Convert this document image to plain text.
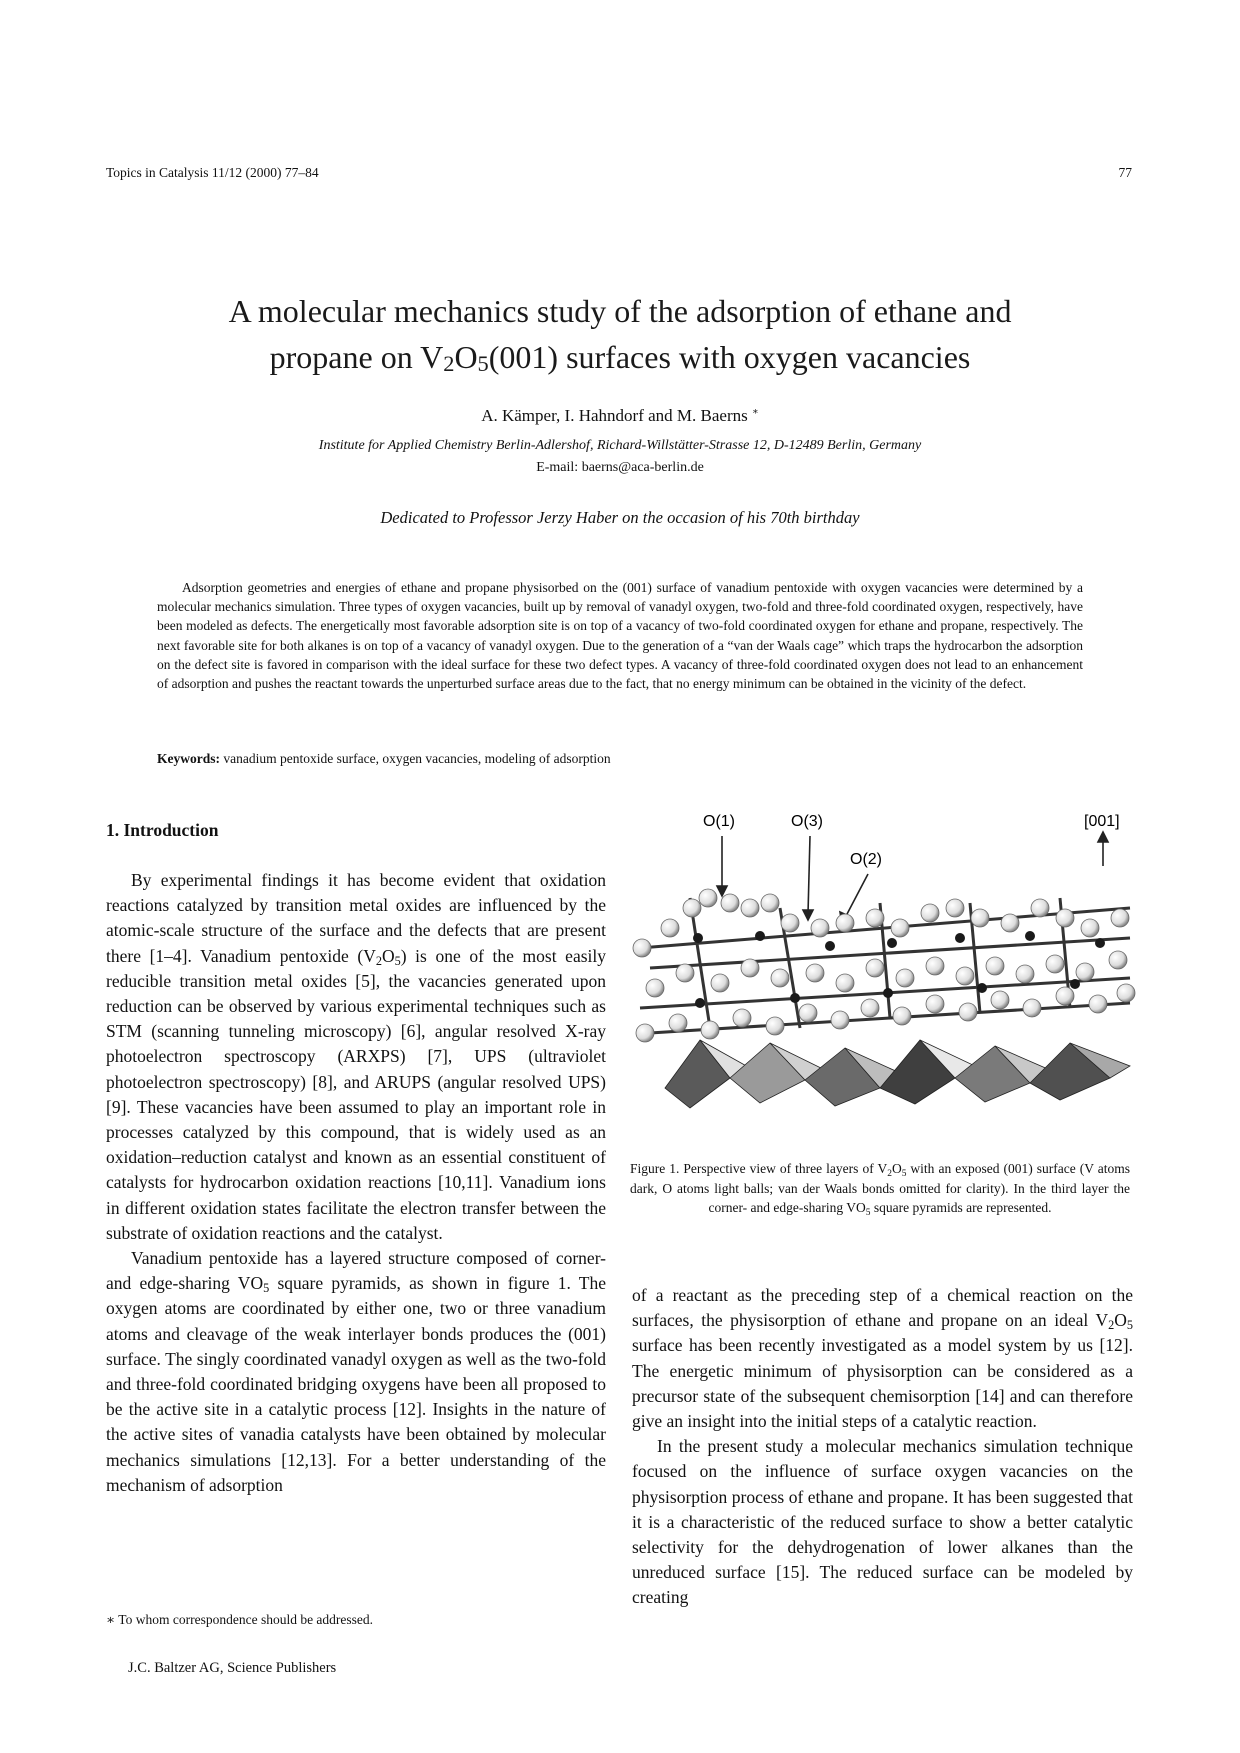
Topics in Catalysis 11/12 (2000) 77–84	77
A molecular mechanics study of the adsorption of ethane and
propane on $V_2O_5(001)$ surfaces with oxygen vacancies
A. Kämper, I. Hahndorf and M. Baerns ∗
Institute for Applied Chemistry Berlin-Adlershof, Richard-Willstätter-Strasse 12, D-12489 Berlin, Germany
E-mail: baerns@aca-berlin.de
Dedicated to Professor Jerzy Haber on the occasion of his 70th birthday
Adsorption geometries and energies of ethane and propane physisorbed on the (001) surface of vanadium pentoxide with oxygen vacancies were determined by a molecular mechanics simulation. Three types of oxygen vacancies, built up by removal of vanadyl oxygen, two-fold and three-fold coordinated oxygen, respectively, have been modeled as defects. The energetically most favorable adsorption site is on top of a vacancy of two-fold coordinated oxygen for ethane and propane, respectively. The next favorable site for both alkanes is on top of a vacancy of vanadyl oxygen. Due to the generation of a “van der Waals cage” which traps the hydrocarbon the adsorption on the defect site is favored in comparison with the ideal surface for these two defect types. A vacancy of three-fold coordinated oxygen does not lead to an enhancement of adsorption and pushes the reactant towards the unperturbed surface areas due to the fact, that no energy minimum can be obtained in the vicinity of the defect.
Keywords: vanadium pentoxide surface, oxygen vacancies, modeling of adsorption
1. Introduction

By experimental findings it has become evident that oxidation reactions catalyzed by transition metal oxides are influenced by the atomic-scale structure of the surface and the defects that are present there [1–4]. Vanadium pentoxide $(V_2O_5)$ is one of the most easily reducible transition metal oxides [5], the vacancies generated upon reduction can be observed by various experimental techniques such as STM (scanning tunneling microscopy) [6], angular resolved X-ray photoelectron spectroscopy (ARXPS) [7], UPS (ultraviolet photoelectron spectroscopy) [8], and ARUPS (angular resolved UPS) [9]. These vacancies have been assumed to play an important role in processes catalyzed by this compound, that is widely used as an oxidation–reduction catalyst and known as an essential constituent of catalysts for hydrocarbon oxidation reactions [10,11]. Vanadium ions in different oxidation states facilitate the electron transfer between the substrate of oxidation reactions and the catalyst.

Vanadium pentoxide has a layered structure composed of corner- and edge-sharing $VO_5$ square pyramids, as shown in figure 1. The oxygen atoms are coordinated by either one, two or three vanadium atoms and cleavage of the weak interlayer bonds produces the (001) surface. The singly coordinated vanadyl oxygen as well as the two-fold and three-fold coordinated bridging oxygens have been all proposed to be the active site in a catalytic process [12]. Insights in the nature of the active sites of vanadia catalysts have been obtained by molecular mechanics simulations [12,13]. For a better understanding of the mechanism of adsorption

O(1)	O(3)
O(2)
[001]
Figure 1. Perspective view of three layers of $V_2O_5$ with an exposed (001) surface (V atoms dark, O atoms light balls; van der Waals bonds omitted for clarity). In the third layer the corner- and edge-sharing $VO_5$ square pyramids are represented.

of a reactant as the preceding step of a chemical reaction on the surfaces, the physisorption of ethane and propane on an ideal $V_2O_5$ surface has been recently investigated as a model system by us [12]. The energetic minimum of physisorption can be considered as a precursor state of the subsequent chemisorption [14] and can therefore give an insight into the initial steps of a catalytic reaction.

In the present study a molecular mechanics simulation technique focused on the influence of surface oxygen vacancies on the physisorption process of ethane and propane. It has been suggested that it is a characteristic of the reduced surface to show a better catalytic selectivity for the dehydrogenation of lower alkanes than the unreduced surface [15]. The reduced surface can be modeled by creating

∗ To whom correspondence should be addressed.
J.C. Baltzer AG, Science Publishers
